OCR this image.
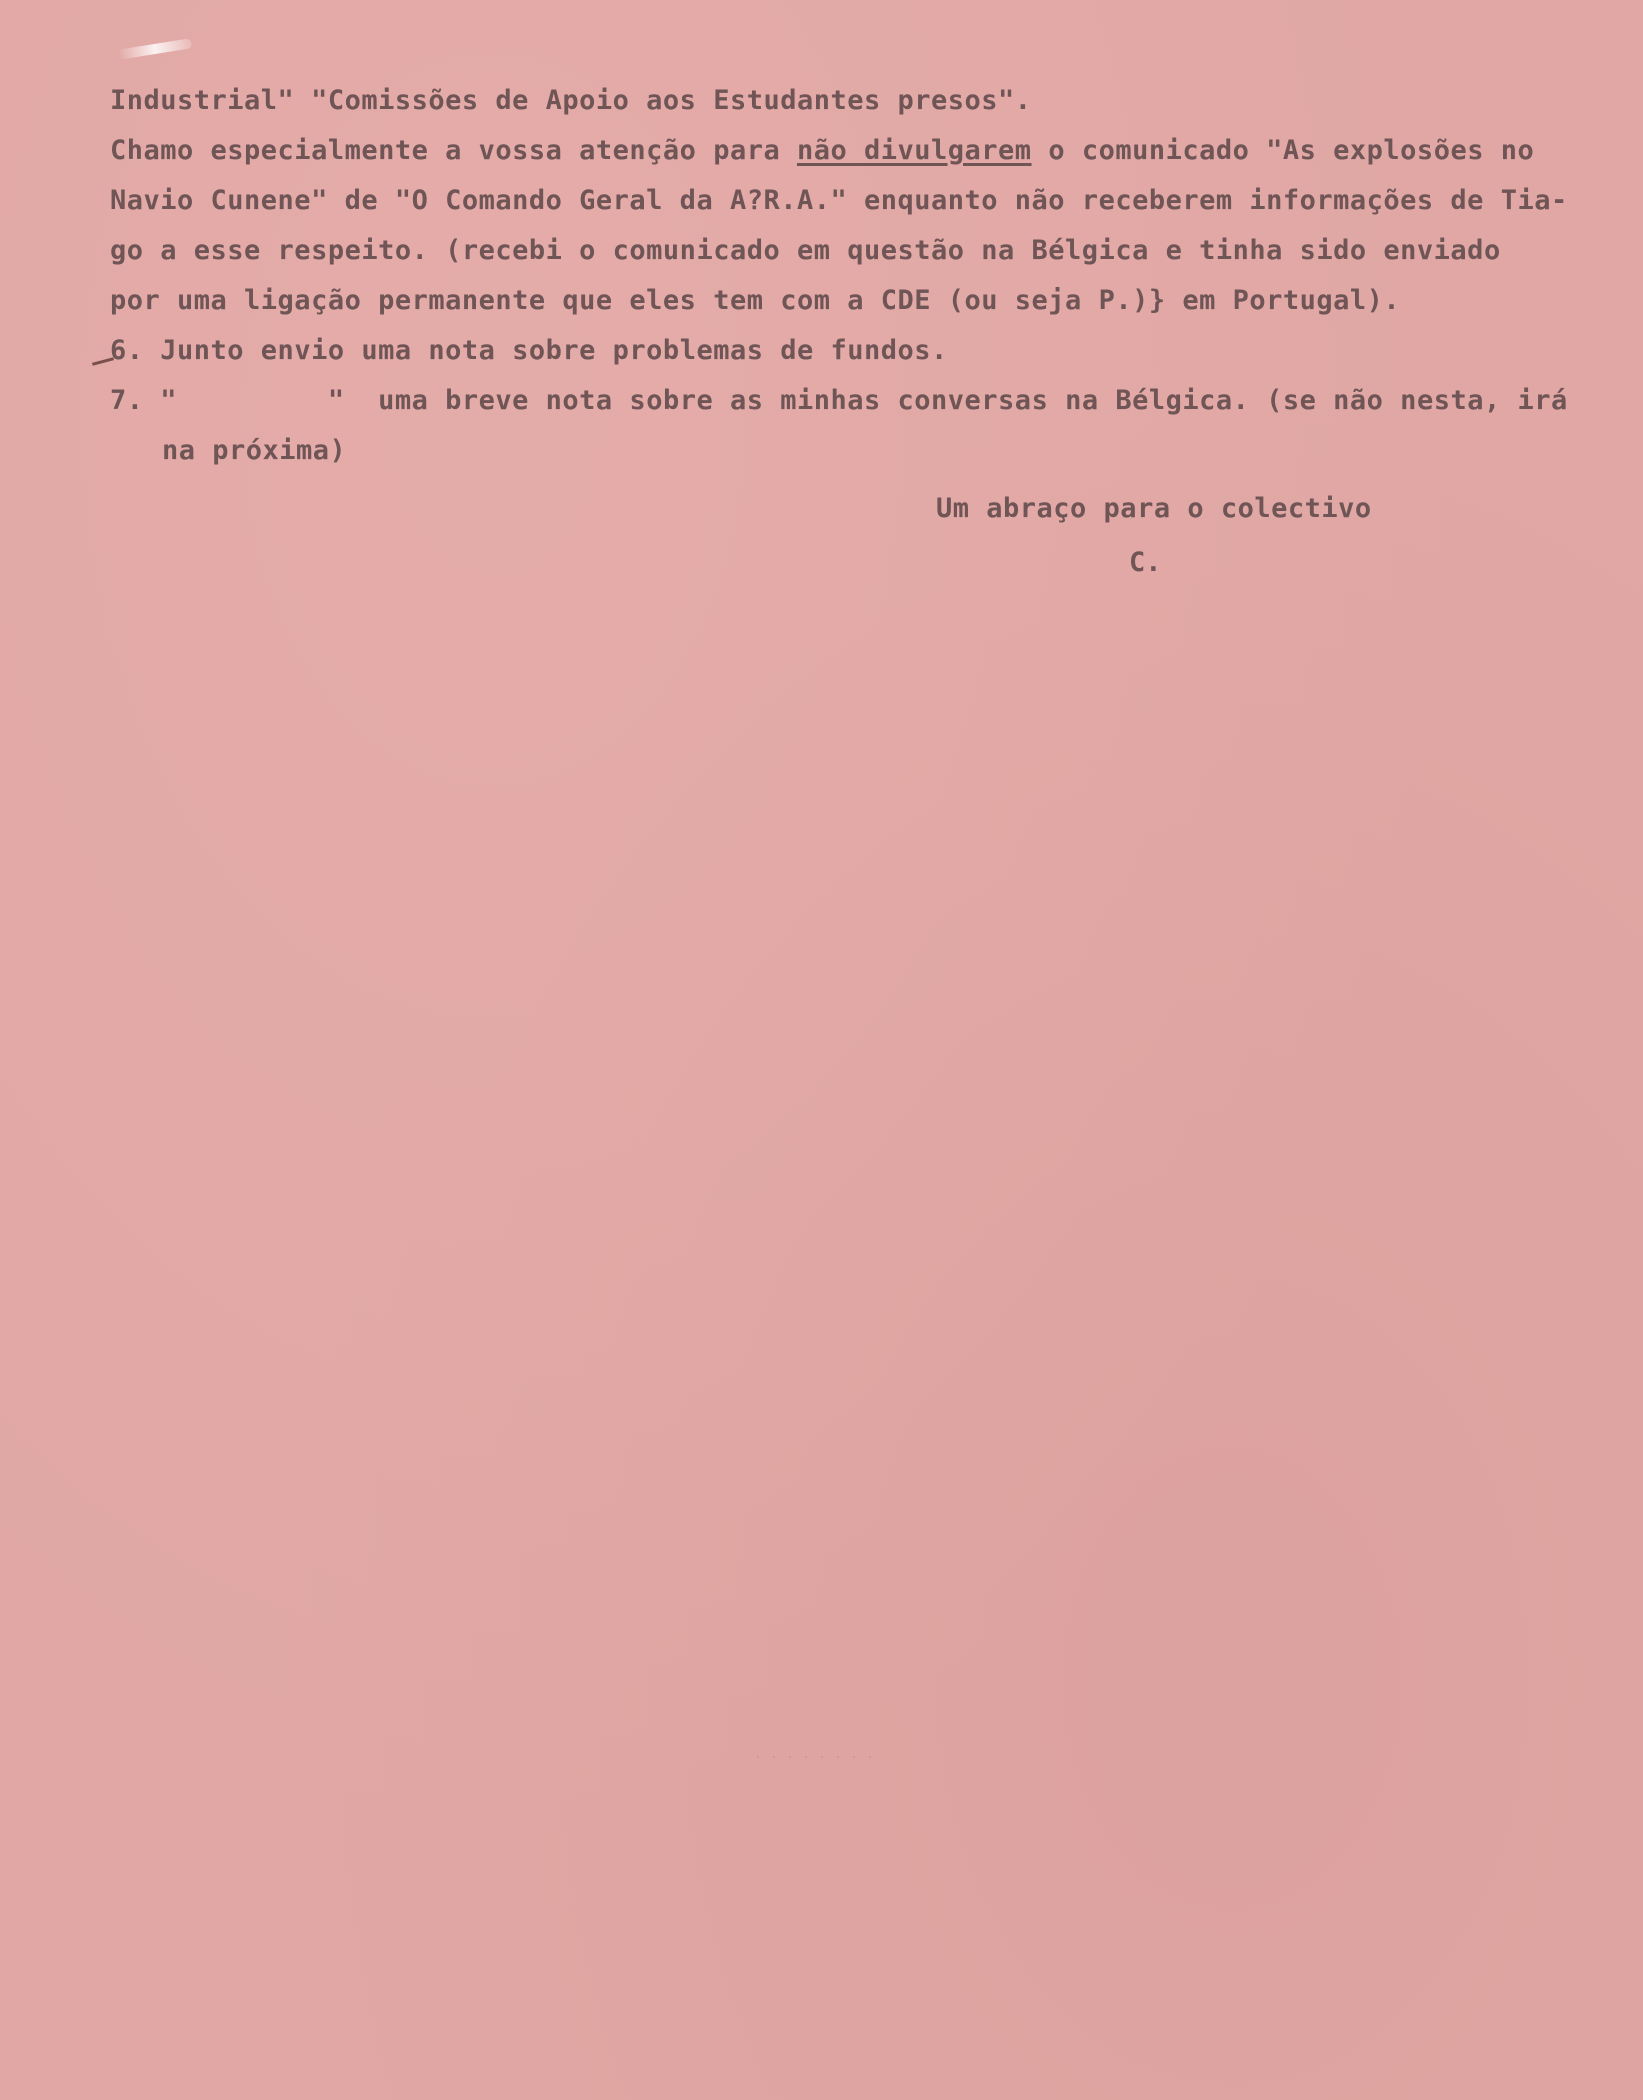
Industrial" "Comissões de Apoio aos Estudantes presos".
Chamo especialmente a vossa atenção para não divulgarem o comunicado "As explosões no
Navio Cunene" de "O Comando Geral da A?R.A." enquanto não receberem informações de Tia-
go a esse respeito. (recebi o comunicado em questão na Bélgica e tinha sido enviado
por uma ligação permanente que eles tem com a CDE (ou seja P.)} em Portugal).
6. Junto envio uma nota sobre problemas de fundos.
7. "         "  uma breve nota sobre as minhas conversas na Bélgica. (se não nesta, irá
na próxima)
Um abraço para o colectivo
C.
· · · · · · · ·
